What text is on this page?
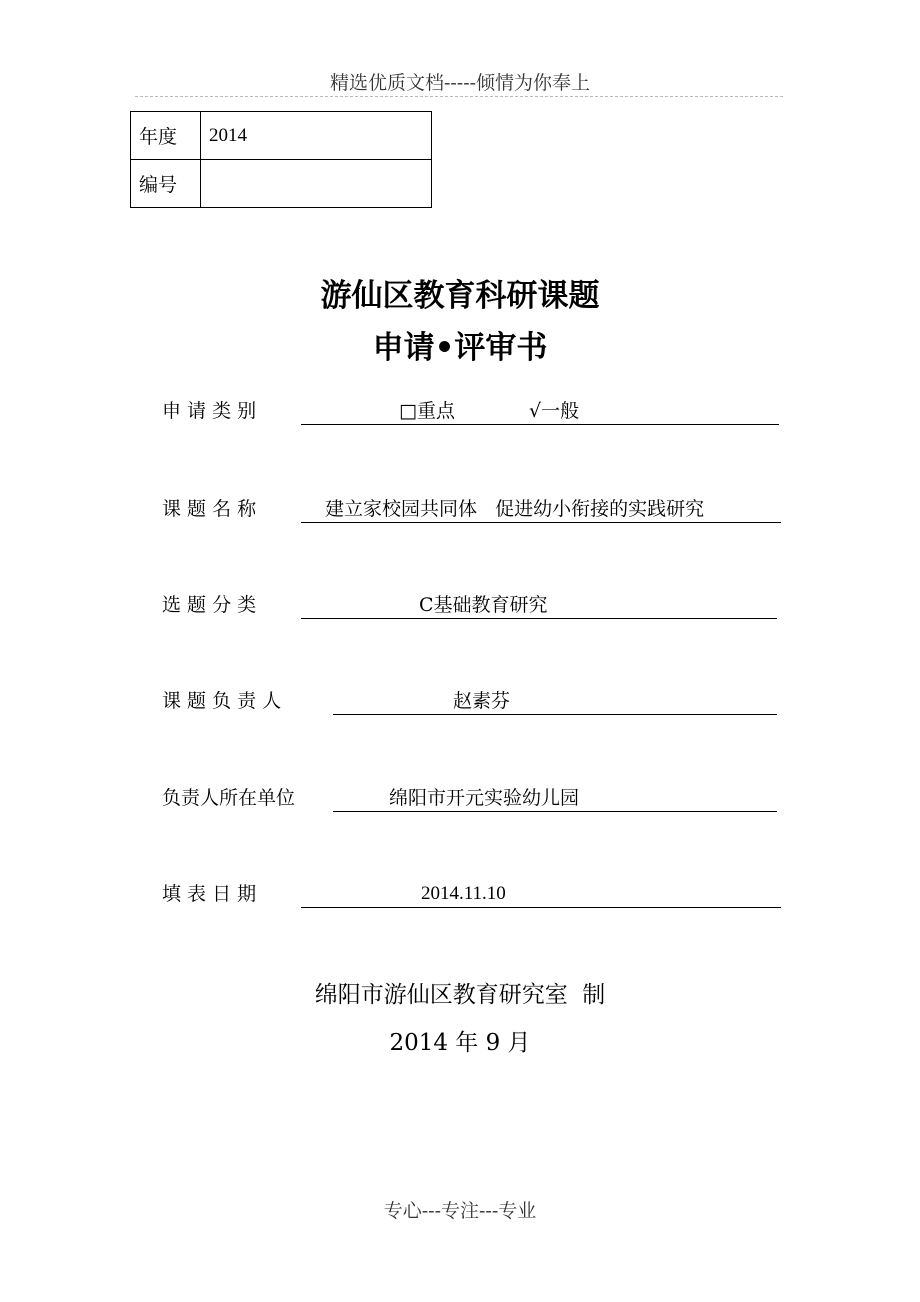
精选优质文档-----倾情为你奉上
年度	2014
编号	
游仙区教育科研课题
申请•评审书
申 请 类 别	□重点	√一般
课 题 名 称	建立家校园共同体   促进幼小衔接的实践研究
选 题 分 类	C基础教育研究
课 题 负 责 人	赵素芬
负责人所在单位	绵阳市开元实验幼儿园
填 表 日 期	2014.11.10
绵阳市游仙区教育研究室  制
2014 年 9 月
专心---专注---专业
